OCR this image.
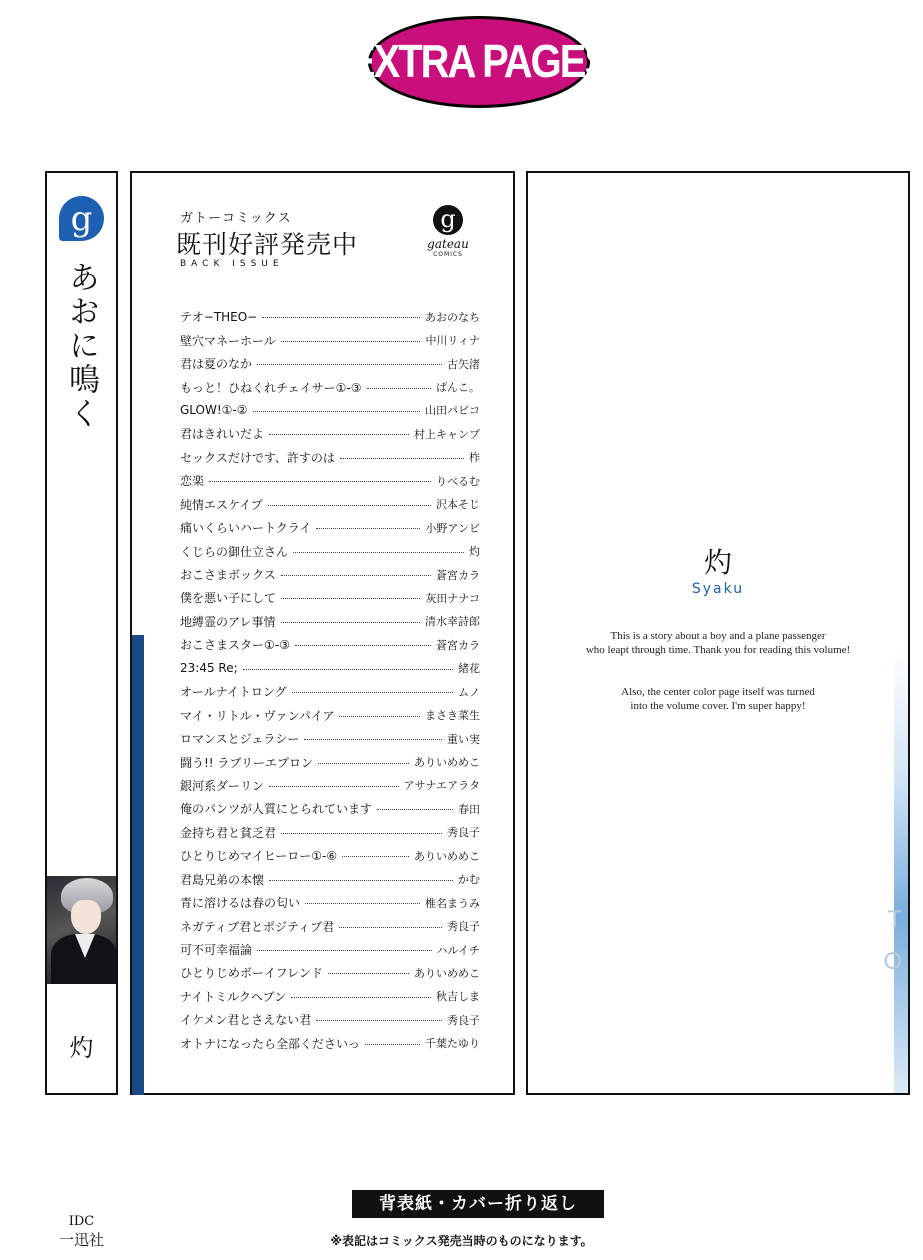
EXTRA PAGES
g
あおに鳴く
灼
IDC
一迅社
ガトーコミックス
既刊好評発売中
BACK ISSUE
g
gateau
COMICS
テオ−THEO−	あおのなち
壁穴マネーホール	中川リィナ
君は夏のなか	古矢渚
もっと！ひねくれチェイサー①-③	ぱんこ。
GLOW!①-②	山田パピコ
君はきれいだよ	村上キャンプ
セックスだけです、許すのは	柞
恋楽	りべるむ
純情エスケイプ	沢本そじ
痛いくらいハートクライ	小野アンビ
くじらの御仕立さん	灼
おこさまボックス	蒼宮カラ
僕を悪い子にして	灰田ナナコ
地縛霊のアレ事情	清水幸詩郎
おこさまスター①-③	蒼宮カラ
23:45 Re;	緒花
オールナイトロング	ムノ
マイ・リトル・ヴァンパイア	まさき菜生
ロマンスとジェラシー	重い実
闘う!! ラブリーエプロン	ありいめめこ
銀河系ダーリン	アサナエアラタ
俺のパンツが人質にとられています	春田
金持ち君と貧乏君	秀良子
ひとりじめマイヒーロー①-⑥	ありいめめこ
君島兄弟の本懐	かむ
青に溶けるは春の匂い	椎名まうみ
ネガティブ君とポジティブ君	秀良子
可不可幸福論	ハルイチ
ひとりじめボーイフレンド	ありいめめこ
ナイトミルクヘブン	秋吉しま
イケメン君とさえない君	秀良子
オトナになったら全部くださいっ	千葉たゆり
T
O
灼
Syaku
This is a story about a boy and a plane passenger
who leapt through time. Thank you for reading this volume!
Also, the center color page itself was turned
into the volume cover. I'm super happy!
背表紙・カバー折り返し
※表記はコミックス発売当時のものになります。
